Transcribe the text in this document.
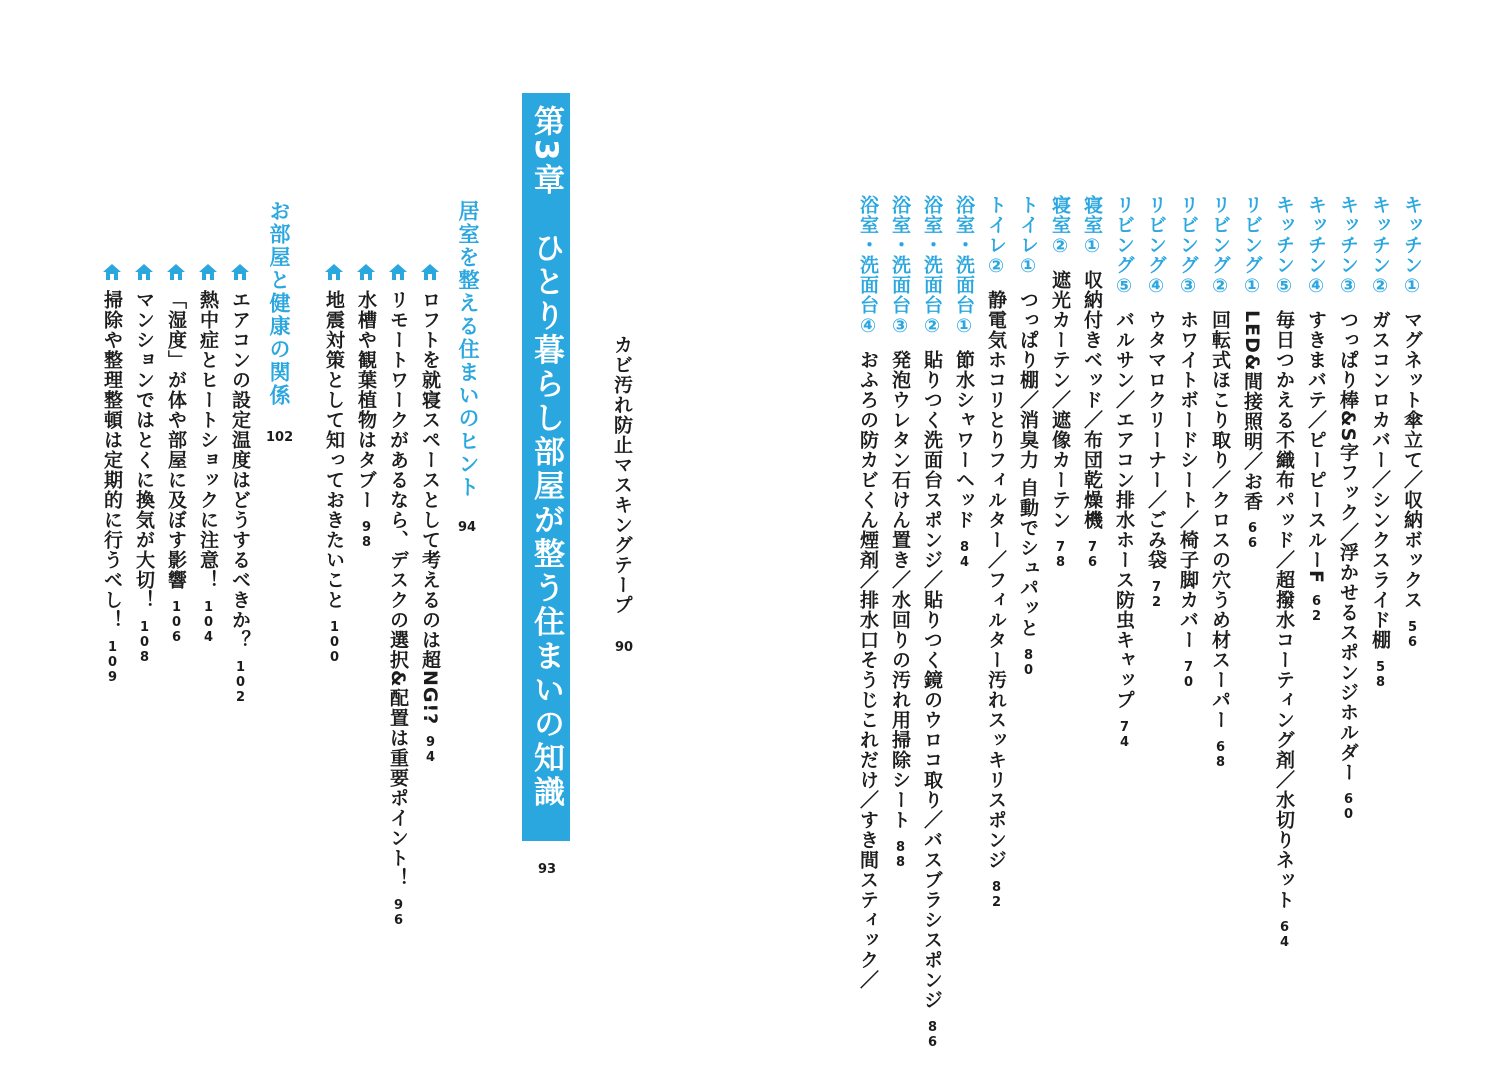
キッチン①マグネット傘立て／収納ボックス56
キッチン②ガスコンロカバー／シンクスライド棚58
キッチン③つっぱり棒&S字フック／浮かせるスポンジホルダー60
キッチン④すきまバテ／ピーピースルーF62
キッチン⑤毎日つかえる不織布パッド／超撥水コーティング剤／水切りネット64
リビング①LED&間接照明／お香66
リビング②回転式ほこり取り／クロスの穴うめ材スーパー68
リビング③ホワイトボードシート／椅子脚カバー70
リビング④ウタマロクリーナー／ごみ袋72
リビング⑤バルサン／エアコン排水ホース防虫キャップ74
寝室①収納付きベッド／布団乾燥機76
寝室②遮光カーテン／遮像カーテン78
トイレ①つっぱり棚／消臭力 自動でシュパッと80
トイレ②静電気ホコリとりフィルター／フィルター汚れスッキリスポンジ82
浴室・洗面台①節水シャワーヘッド84
浴室・洗面台②貼りつく洗面台スポンジ／貼りつく鏡のウロコ取り／バスブラシスポンジ86
浴室・洗面台③発泡ウレタン石けん置き／水回りの汚れ用掃除シート88
浴室・洗面台④おふろの防カビくん煙剤／排水口そうじこれだけ／すき間スティック／
カビ汚れ防止マスキングテープ
90
第3章　ひとり暮らし部屋が整う住まいの知識
93
居室を整える住まいのヒント
94
ロフトを就寝スペースとして考えるのは超NG!?94
リモートワークがあるなら、デスクの選択&配置は重要ポイント！96
水槽や観葉植物はタブー98
地震対策として知っておきたいこと100
お部屋と健康の関係
102
エアコンの設定温度はどうするべきか？102
熱中症とヒートショックに注意！104
「湿度」が体や部屋に及ぼす影響106
マンションではとくに換気が大切！108
掃除や整理整頓は定期的に行うべし！109
